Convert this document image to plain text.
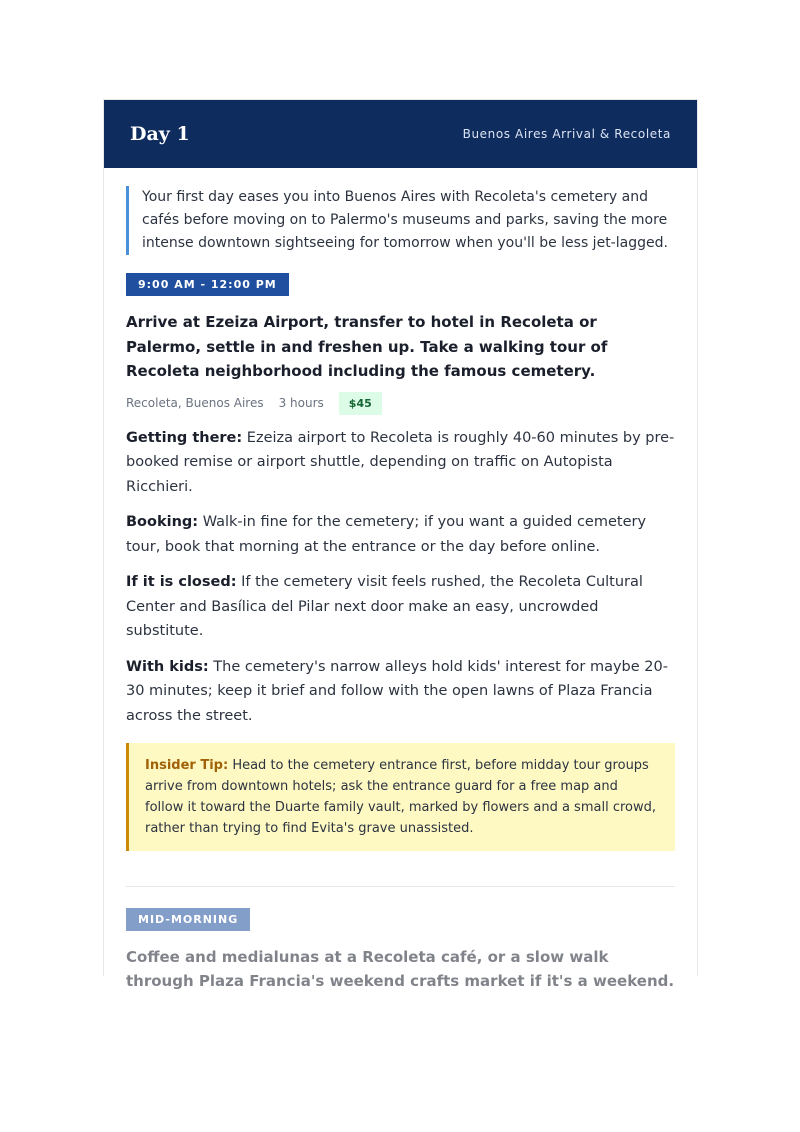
Day 1	Buenos Aires Arrival & Recoleta
Your first day eases you into Buenos Aires with Recoleta's cemetery and cafés before moving on to Palermo's museums and parks, saving the more intense downtown sightseeing for tomorrow when you'll be less jet-lagged.
9:00 AM - 12:00 PM
Arrive at Ezeiza Airport, transfer to hotel in Recoleta or Palermo, settle in and freshen up. Take a walking tour of Recoleta neighborhood including the famous cemetery.
Recoleta, Buenos Aires 3 hours	$45
Getting there: Ezeiza airport to Recoleta is roughly 40-60 minutes by pre-booked remise or airport shuttle, depending on traffic on Autopista Ricchieri.
Booking: Walk-in fine for the cemetery; if you want a guided cemetery tour, book that morning at the entrance or the day before online.
If it is closed: If the cemetery visit feels rushed, the Recoleta Cultural Center and Basílica del Pilar next door make an easy, uncrowded substitute.
With kids: The cemetery's narrow alleys hold kids' interest for maybe 20-30 minutes; keep it brief and follow with the open lawns of Plaza Francia across the street.
Insider Tip: Head to the cemetery entrance first, before midday tour groups arrive from downtown hotels; ask the entrance guard for a free map and follow it toward the Duarte family vault, marked by flowers and a small crowd, rather than trying to find Evita's grave unassisted.
MID-MORNING
Coffee and medialunas at a Recoleta café, or a slow walk through Plaza Francia's weekend crafts market if it's a weekend.
